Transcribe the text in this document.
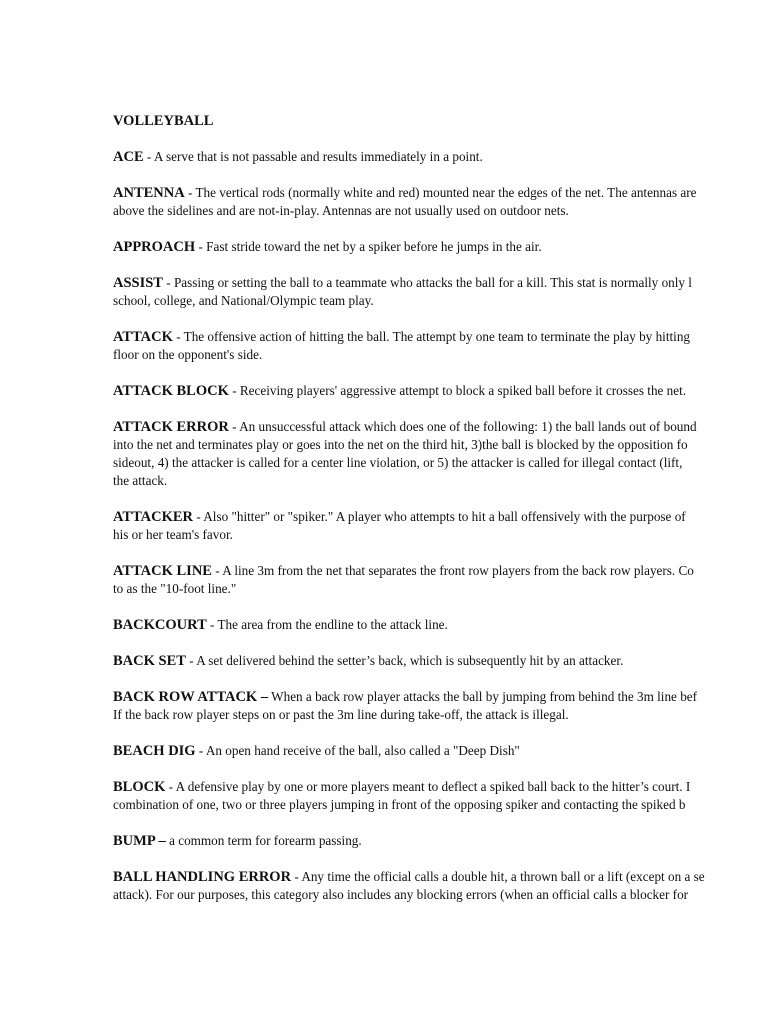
VOLLEYBALL
ACE - A serve that is not passable and results immediately in a point.
ANTENNA - The vertical rods (normally white and red) mounted near the edges of the net. The antennas are
above the sidelines and are not-in-play. Antennas are not usually used on outdoor nets.
APPROACH - Fast stride toward the net by a spiker before he jumps in the air.
ASSIST - Passing or setting the ball to a teammate who attacks the ball for a kill. This stat is normally only l
school, college, and National/Olympic team play.
ATTACK - The offensive action of hitting the ball. The attempt by one team to terminate the play by hitting
floor on the opponent's side.
ATTACK BLOCK - Receiving players' aggressive attempt to block a spiked ball before it crosses the net.
ATTACK ERROR - An unsuccessful attack which does one of the following: 1) the ball lands out of bound
into the net and terminates play or goes into the net on the third hit, 3)the ball is blocked by the opposition fo
sideout, 4) the attacker is called for a center line violation, or 5) the attacker is called for illegal contact (lift,
the attack.
ATTACKER - Also "hitter" or "spiker." A player who attempts to hit a ball offensively with the purpose of
his or her team's favor.
ATTACK LINE - A line 3m from the net that separates the front row players from the back row players. Co
to as the "10-foot line."
BACKCOURT - The area from the endline to the attack line.
BACK SET - A set delivered behind the setter’s back, which is subsequently hit by an attacker.
BACK ROW ATTACK – When a back row player attacks the ball by jumping from behind the 3m line bef
If the back row player steps on or past the 3m line during take-off, the attack is illegal.
BEACH DIG - An open hand receive of the ball, also called a "Deep Dish"
BLOCK - A defensive play by one or more players meant to deflect a spiked ball back to the hitter’s court. I
combination of one, two or three players jumping in front of the opposing spiker and contacting the spiked b
BUMP – a common term for forearm passing.
BALL HANDLING ERROR - Any time the official calls a double hit, a thrown ball or a lift (except on a se
attack). For our purposes, this category also includes any blocking errors (when an official calls a blocker for
